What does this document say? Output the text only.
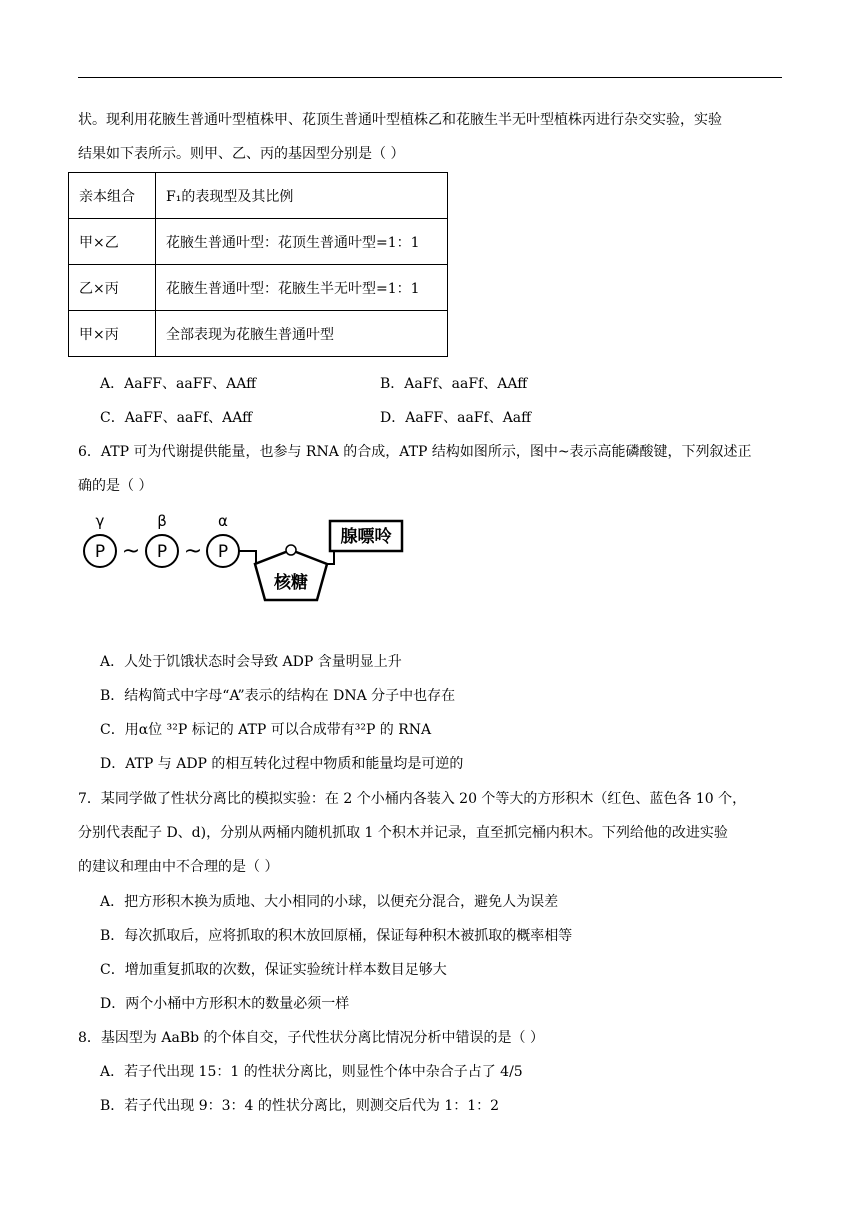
状。现利用花腋生普通叶型植株甲、花顶生普通叶型植株乙和花腋生半无叶型植株丙进行杂交实验，实验
结果如下表所示。则甲、乙、丙的基因型分别是（ ）
亲本组合	F₁的表现型及其比例
甲×乙	花腋生普通叶型：花顶生普通叶型=1：1
乙×丙	花腋生普通叶型：花腋生半无叶型=1：1
甲×丙	全部表现为花腋生普通叶型
A．AaFF、aaFF、AAff	B．AaFf、aaFf、AAff
C．AaFF、aaFf、AAff	D．AaFF、aaFf、Aaff
6．ATP 可为代谢提供能量，也参与 RNA 的合成，ATP 结构如图所示，图中~表示高能磷酸键，下列叙述正
确的是（ ）
γ	β	α
P ~ P ~ P
核糖
腺嘌呤
A．人处于饥饿状态时会导致 ADP 含量明显上升
B．结构简式中字母“A”表示的结构在 DNA 分子中也存在
C．用α位 ³²P 标记的 ATP 可以合成带有³²P 的 RNA
D．ATP 与 ADP 的相互转化过程中物质和能量均是可逆的
7．某同学做了性状分离比的模拟实验：在 2 个小桶内各装入 20 个等大的方形积木（红色、蓝色各 10 个，
分别代表配子 D、d)，分别从两桶内随机抓取 1 个积木并记录，直至抓完桶内积木。下列给他的改进实验
的建议和理由中不合理的是（ ）
A．把方形积木换为质地、大小相同的小球，以便充分混合，避免人为误差
B．每次抓取后，应将抓取的积木放回原桶，保证每种积木被抓取的概率相等
C．增加重复抓取的次数，保证实验统计样本数目足够大
D．两个小桶中方形积木的数量必须一样
8．基因型为 AaBb 的个体自交，子代性状分离比情况分析中错误的是（ ）
A．若子代出现 15：1 的性状分离比，则显性个体中杂合子占了 4/5
B．若子代出现 9：3：4 的性状分离比，则测交后代为 1：1：2
